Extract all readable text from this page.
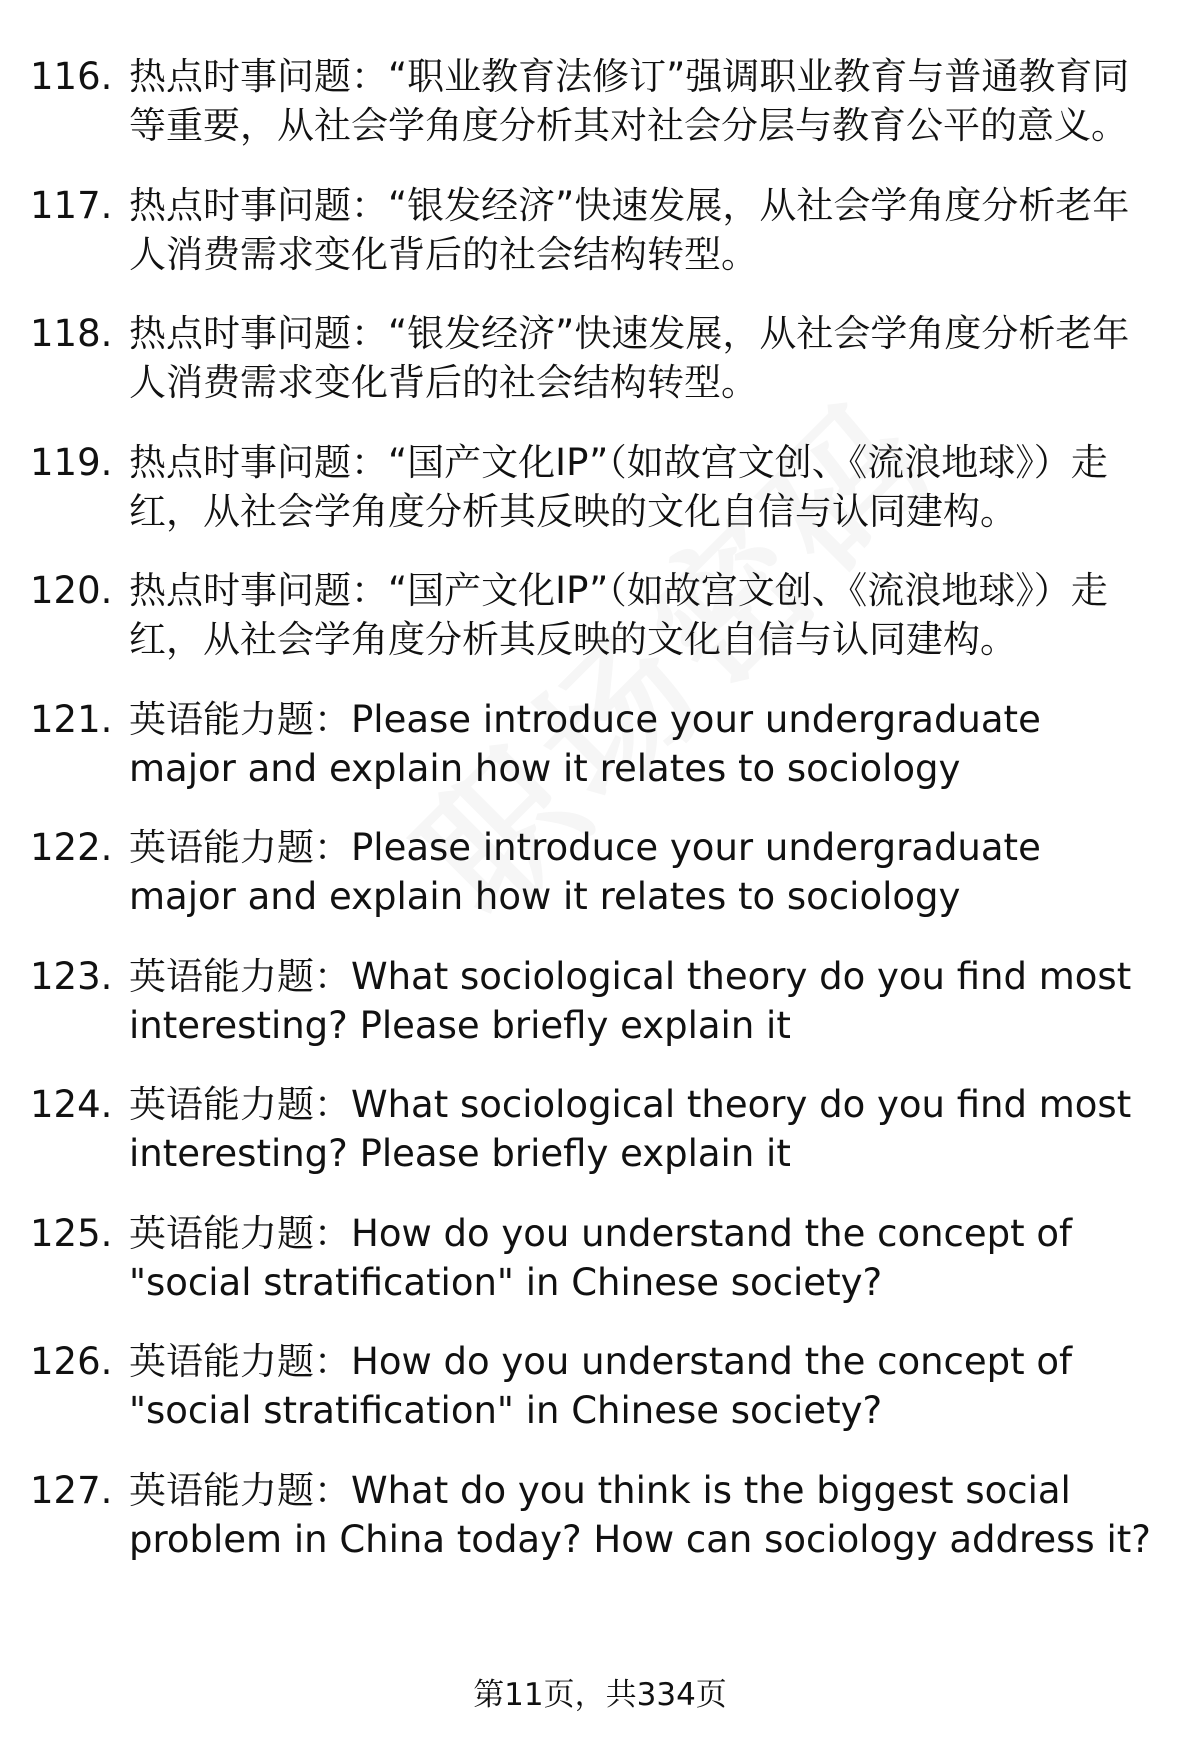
116. 热点时事问题：“职业教育法修订”强调职业教育与普通教育同等重要，从社会学角度分析其对社会分层与教育公平的意义。
117. 热点时事问题：“银发经济”快速发展，从社会学角度分析老年人消费需求变化背后的社会结构转型。
118. 热点时事问题：“银发经济”快速发展，从社会学角度分析老年人消费需求变化背后的社会结构转型。
119. 热点时事问题：“国产文化IP”（如故宫文创、《流浪地球》）走红，从社会学角度分析其反映的文化自信与认同建构。
120. 热点时事问题：“国产文化IP”（如故宫文创、《流浪地球》）走红，从社会学角度分析其反映的文化自信与认同建构。
121. 英语能力题：Please introduce your undergraduate major and explain how it relates to sociology
122. 英语能力题：Please introduce your undergraduate major and explain how it relates to sociology
123. 英语能力题：What sociological theory do you find most interesting? Please briefly explain it
124. 英语能力题：What sociological theory do you find most interesting? Please briefly explain it
125. 英语能力题：How do you understand the concept of "social stratification" in Chinese society?
126. 英语能力题：How do you understand the concept of "social stratification" in Chinese society?
127. 英语能力题：What do you think is the biggest social problem in China today? How can sociology address it?
第11页，共334页
